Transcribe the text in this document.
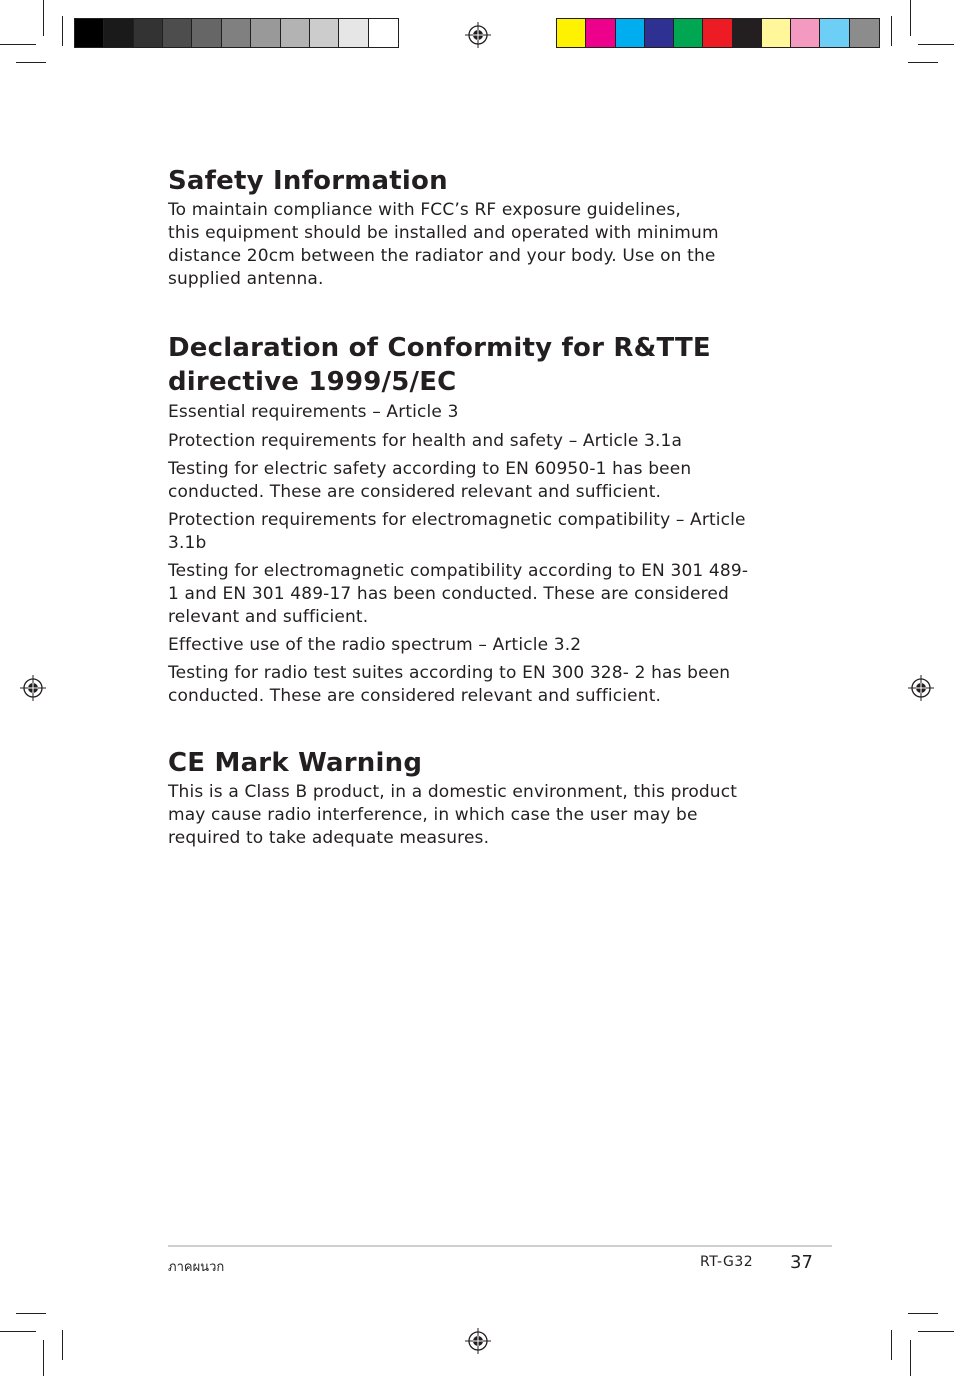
Safety Information

To maintain compliance with FCC’s RF exposure guidelines,
this equipment should be installed and operated with minimum
distance 20cm between the radiator and your body. Use on the
supplied antenna.

Declaration of Conformity for R&TTE
directive 1999/5/EC

Essential requirements – Article 3

Protection requirements for health and safety – Article 3.1a

Testing for electric safety according to EN 60950-1 has been
conducted. These are considered relevant and sufficient.

Protection requirements for electromagnetic compatibility – Article
3.1b

Testing for electromagnetic compatibility according to EN 301 489-
1 and EN 301 489-17 has been conducted. These are considered
relevant and sufficient.

Effective use of the radio spectrum – Article 3.2

Testing for radio test suites according to EN 300 328- 2 has been
conducted. These are considered relevant and sufficient.

CE Mark Warning

This is a Class B product, in a domestic environment, this product
may cause radio interference, in which case the user may be
required to take adequate measures.

ภาคผนวก	RT-G32 37
